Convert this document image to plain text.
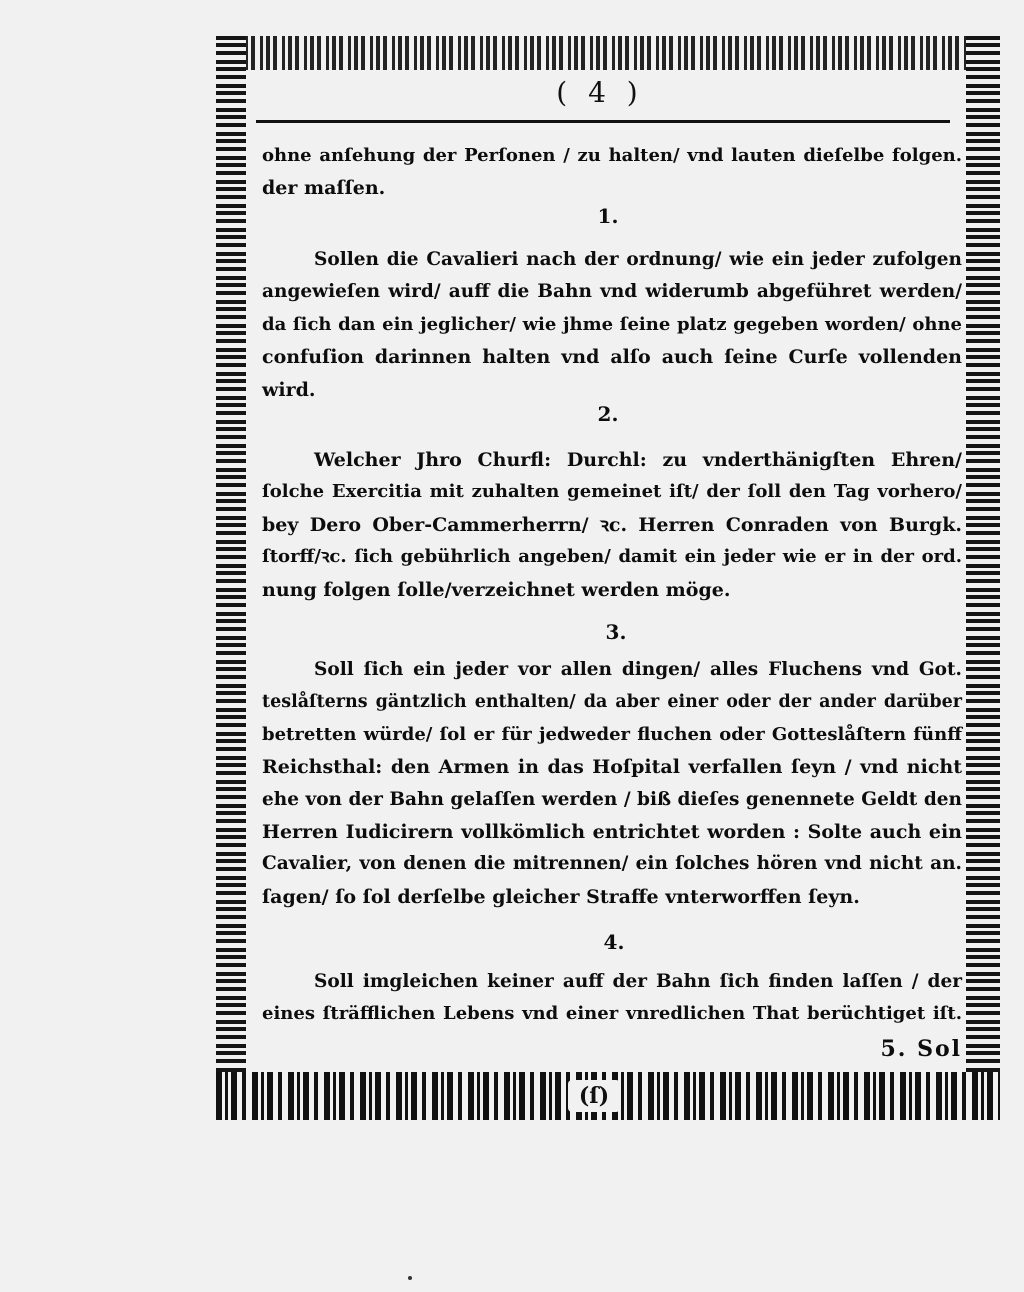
(ſ)
( 4 )
ohne anſehung der Perſonen / zu halten/ vnd lauten dieſelbe folgen.
der maſſen.
1.
Sollen die Cavalieri nach der ordnung/ wie ein jeder zufolgen
angewieſen wird/ auff die Bahn vnd widerumb abgeführet werden/
da ſich dan ein jeglicher/ wie jhme ſeine platz gegeben worden/ ohne
confuſion darinnen halten vnd alſo auch ſeine Curſe vollenden
wird.
2.
Welcher Jhro Churfl: Durchl: zu vnderthänigſten Ehren/
ſolche Exercitia mit zuhalten gemeinet iſt/ der ſoll den Tag vorhero/
bey Dero Ober-Cammerherrn/ ꝛc. Herren Conraden von Burgk.
ſtorff/ꝛc. ſich gebührlich angeben/ damit ein jeder wie er in der ord.
nung folgen ſolle/verzeichnet werden möge.
3.
Soll ſich ein jeder vor allen dingen/ alles Fluchens vnd Got.
teslåſterns gäntzlich enthalten/ da aber einer oder der ander darüber
betretten würde/ ſol er für jedweder fluchen oder Gotteslåſtern fünff
Reichsthal: den Armen in das Hoſpital verfallen ſeyn / vnd nicht
ehe von der Bahn gelaſſen werden / biß dieſes genennete Geldt den
Herren Iudicirern vollkömlich entrichtet worden : Solte auch ein
Cavalier, von denen die mitrennen/ ein ſolches hören vnd nicht an.
ſagen/ ſo ſol derſelbe gleicher Straffe vnterworffen ſeyn.
4.
Soll imgleichen keiner auff der Bahn ſich finden laſſen / der
eines ſträfflichen Lebens vnd einer vnredlichen That berüchtiget iſt.
5. Sol
